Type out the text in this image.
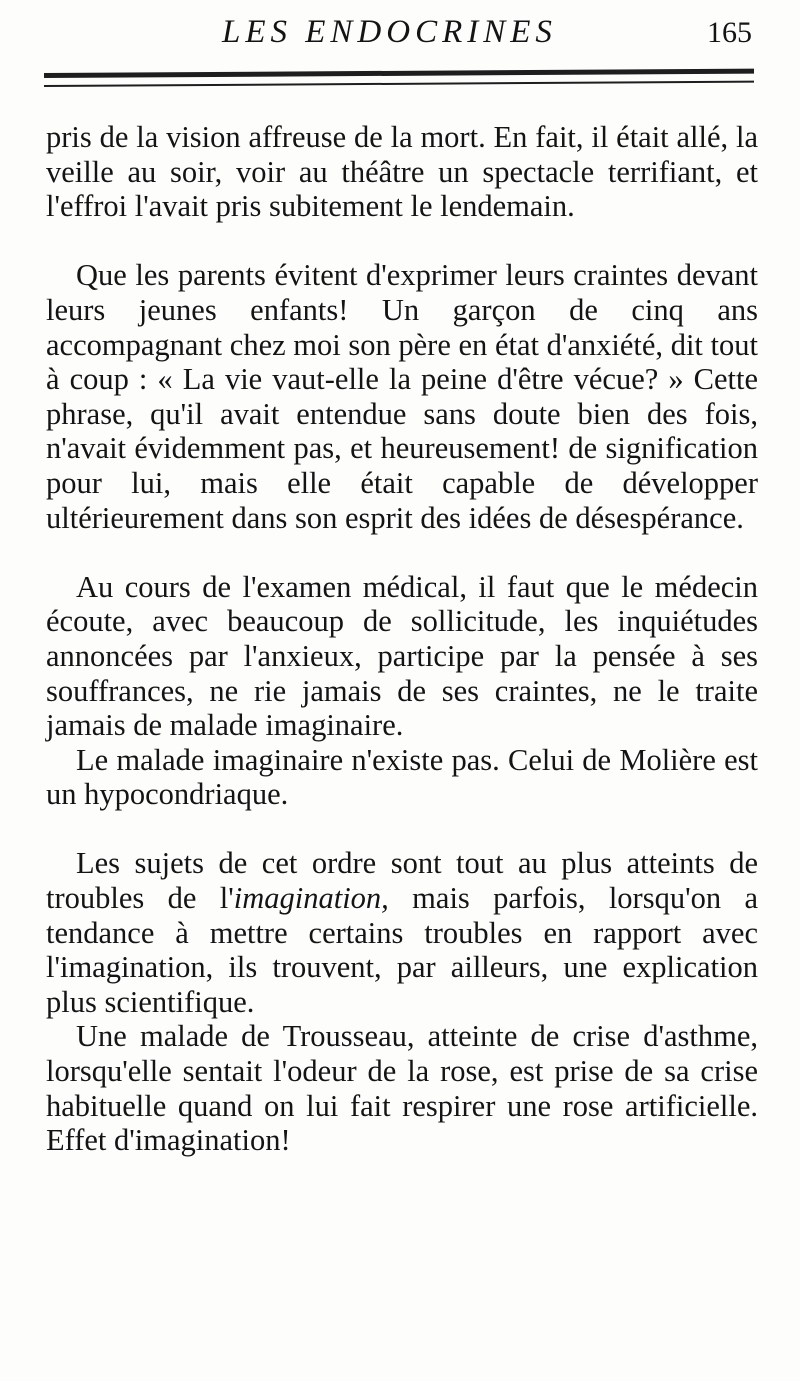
LES ENDOCRINES	165

pris de la vision affreuse de la mort. En fait, il était allé, la veille au soir, voir au théâtre un spectacle terrifiant, et l'effroi l'avait pris subitement le lendemain.

Que les parents évitent d'exprimer leurs craintes devant leurs jeunes enfants! Un garçon de cinq ans accompagnant chez moi son père en état d'anxiété, dit tout à coup : « La vie vaut-elle la peine d'être vécue? » Cette phrase, qu'il avait entendue sans doute bien des fois, n'avait évidemment pas, et heureusement! de signification pour lui, mais elle était capable de développer ultérieurement dans son esprit des idées de désespérance.

Au cours de l'examen médical, il faut que le médecin écoute, avec beaucoup de sollicitude, les inquiétudes annoncées par l'anxieux, participe par la pensée à ses souffrances, ne rie jamais de ses craintes, ne le traite jamais de malade imaginaire.

Le malade imaginaire n'existe pas. Celui de Molière est un hypocondriaque.

Les sujets de cet ordre sont tout au plus atteints de troubles de l'imagination, mais parfois, lorsqu'on a tendance à mettre certains troubles en rapport avec l'imagination, ils trouvent, par ailleurs, une explication plus scientifique.

Une malade de Trousseau, atteinte de crise d'asthme, lorsqu'elle sentait l'odeur de la rose, est prise de sa crise habituelle quand on lui fait respirer une rose artificielle. Effet d'imagination!
